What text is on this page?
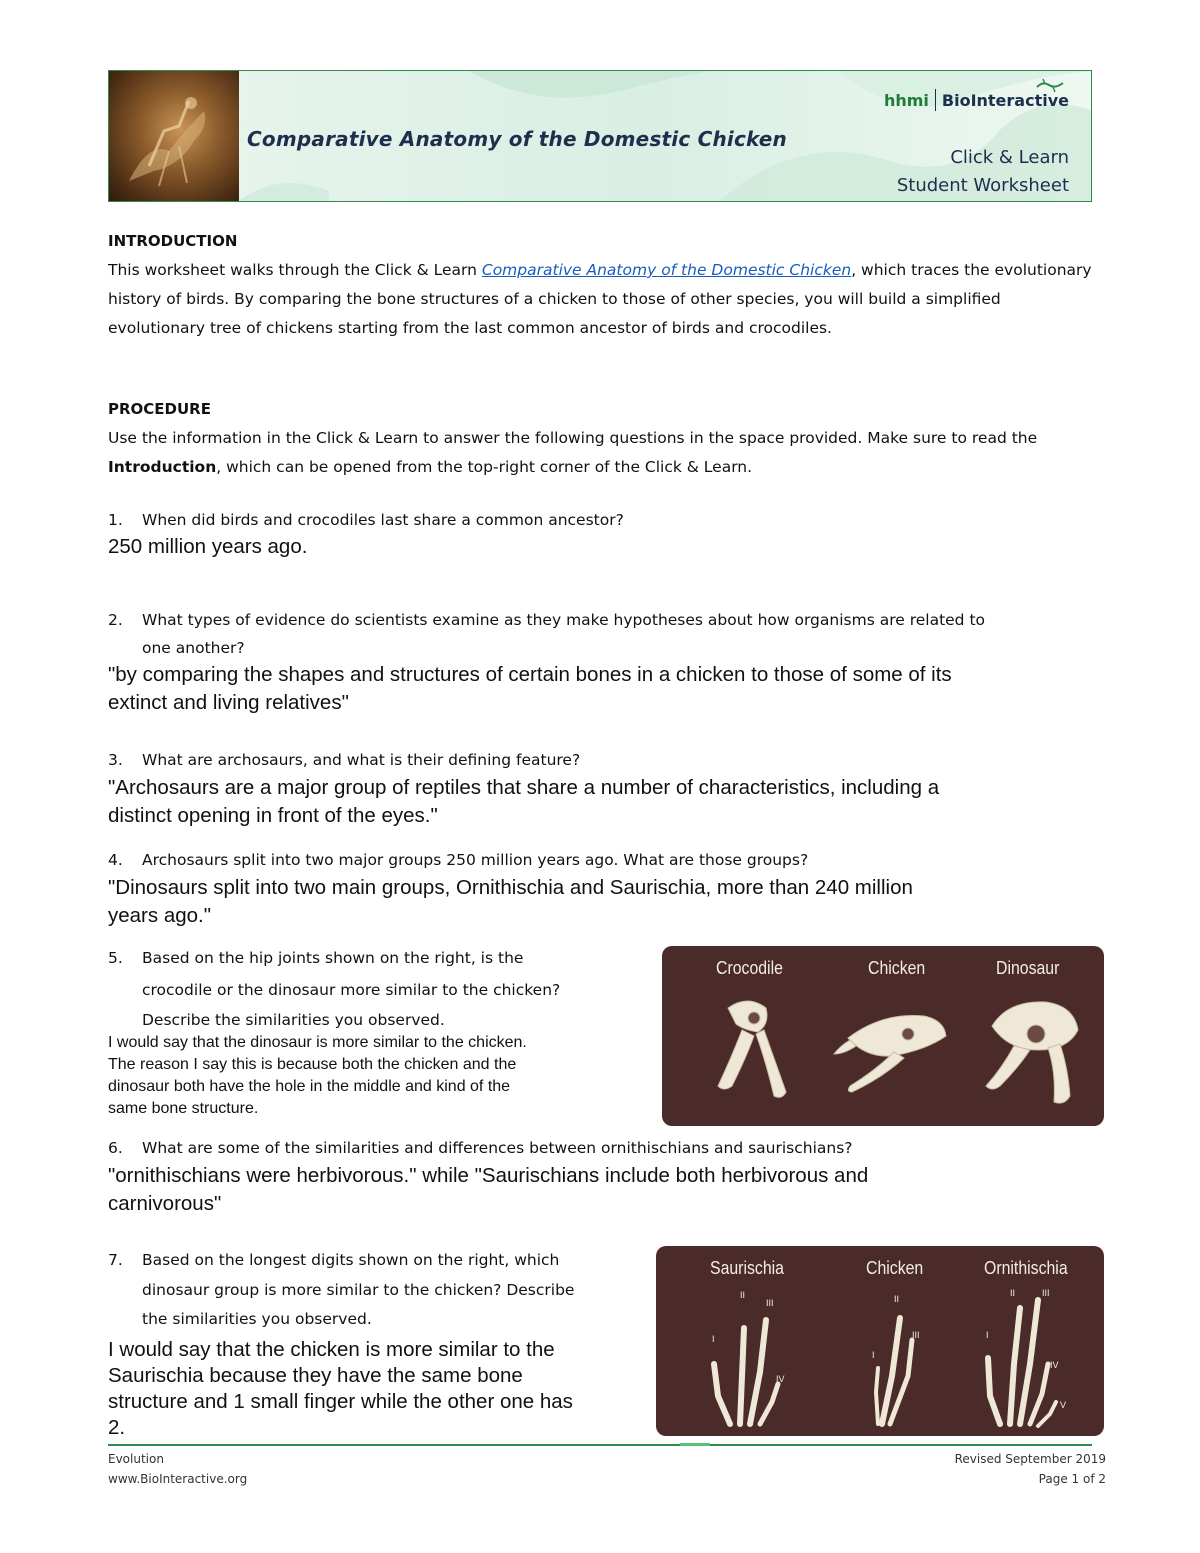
Comparative Anatomy of the Domestic Chicken
hhmi BioInteractive
Click & Learn
Student Worksheet
INTRODUCTION
This worksheet walks through the Click & Learn Comparative Anatomy of the Domestic Chicken, which traces the evolutionary history of birds. By comparing the bone structures of a chicken to those of other species, you will build a simplified evolutionary tree of chickens starting from the last common ancestor of birds and crocodiles.
PROCEDURE
Use the information in the Click & Learn to answer the following questions in the space provided. Make sure to read the Introduction, which can be opened from the top-right corner of the Click & Learn.
1. When did birds and crocodiles last share a common ancestor?
250 million years ago.
2. What types of evidence do scientists examine as they make hypotheses about how organisms are related to
one another?
"by comparing the shapes and structures of certain bones in a chicken to those of some of its
extinct and living relatives"
3. What are archosaurs, and what is their defining feature?
"Archosaurs are a major group of reptiles that share a number of characteristics, including a
distinct opening in front of the eyes."
4. Archosaurs split into two major groups 250 million years ago. What are those groups?
"Dinosaurs split into two main groups, Ornithischia and Saurischia, more than 240 million
years ago."
5. Based on the hip joints shown on the right, is the
crocodile or the dinosaur more similar to the chicken?
Describe the similarities you observed.
I would say that the dinosaur is more similar to the chicken.
The reason I say this is because both the chicken and the
dinosaur both have the hole in the middle and kind of the
same bone structure.
Crocodile	Chicken	Dinosaur
6. What are some of the similarities and differences between ornithischians and saurischians?
"ornithischians were herbivorous." while "Saurischians include both herbivorous and
carnivorous"
7. Based on the longest digits shown on the right, which
dinosaur group is more similar to the chicken? Describe
the similarities you observed.
I would say that the chicken is more similar to the
Saurischia because they have the same bone
structure and 1 small finger while the other one has
2.
Saurischia	Chicken	Ornithischia
II
III
I
IV
II
III
I
II	III
I
IV
V
Evolution
www.BioInteractive.org
Revised September 2019
Page 1 of 2
